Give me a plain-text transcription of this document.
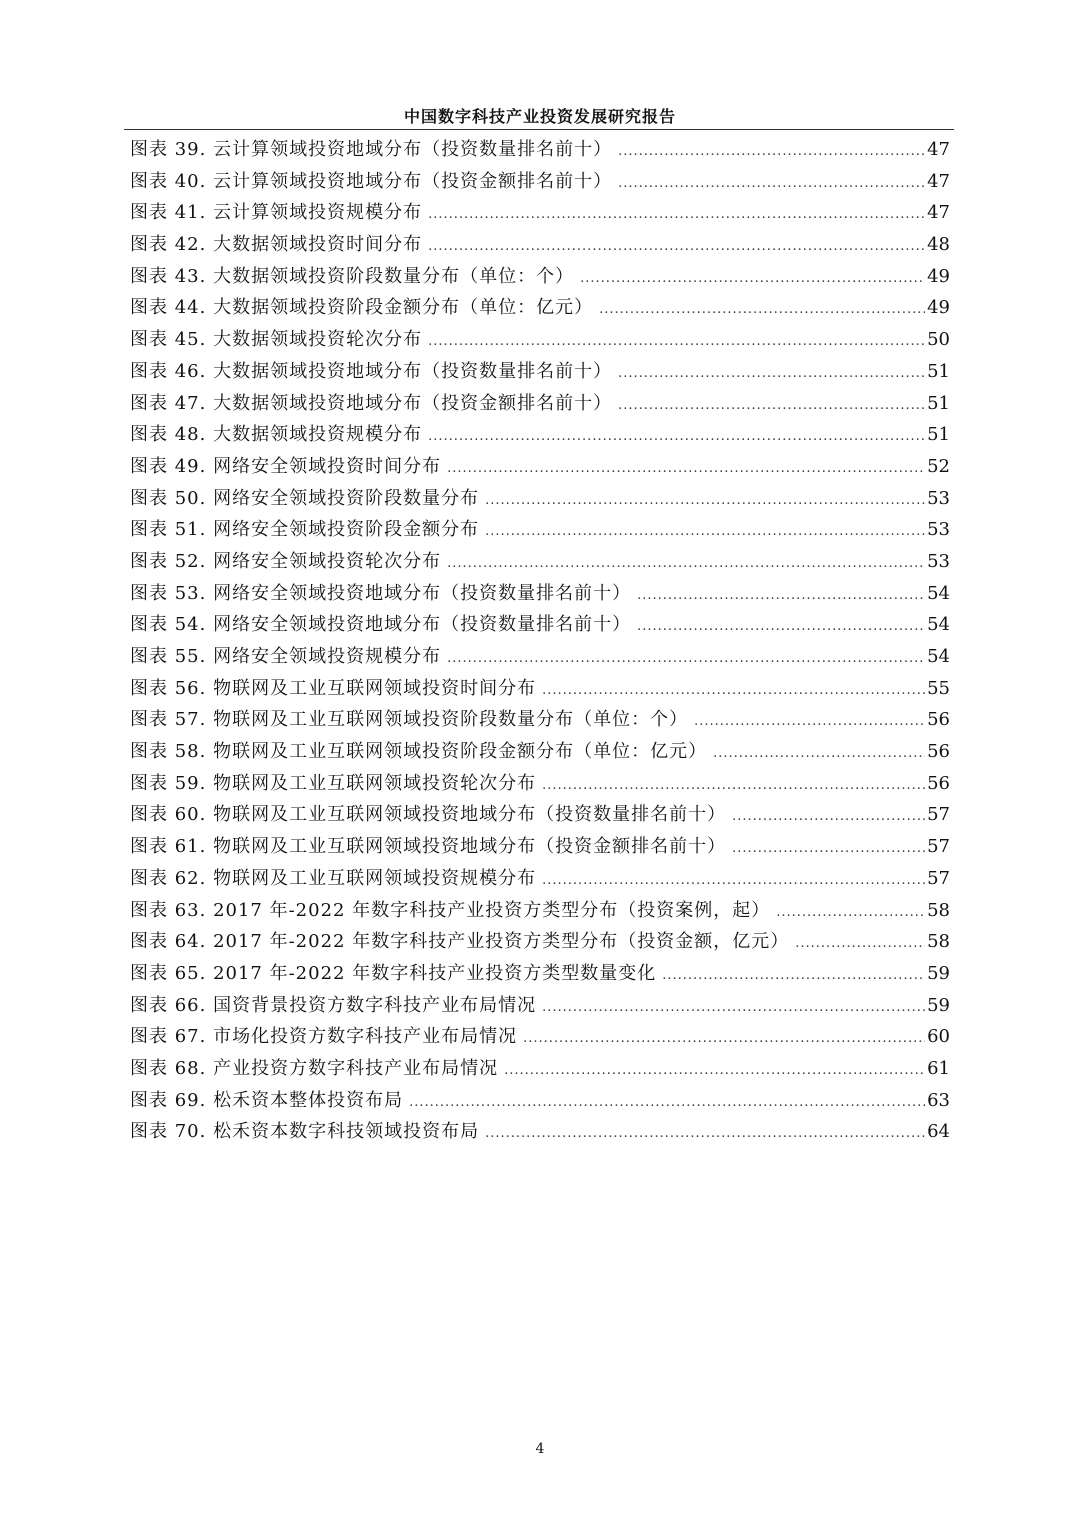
中国数字科技产业投资发展研究报告
图表 39. 云计算领域投资地域分布（投资数量排名前十） .....	47
图表 40. 云计算领域投资地域分布（投资金额排名前十） .....	47
图表 41. 云计算领域投资规模分布 .....	47
图表 42. 大数据领域投资时间分布 .....	48
图表 43. 大数据领域投资阶段数量分布（单位：个） .....	49
图表 44. 大数据领域投资阶段金额分布（单位：亿元） .....	49
图表 45. 大数据领域投资轮次分布 .....	50
图表 46. 大数据领域投资地域分布（投资数量排名前十） .....	51
图表 47. 大数据领域投资地域分布（投资金额排名前十） .....	51
图表 48. 大数据领域投资规模分布 .....	51
图表 49. 网络安全领域投资时间分布 .....	52
图表 50. 网络安全领域投资阶段数量分布 .....	53
图表 51. 网络安全领域投资阶段金额分布 .....	53
图表 52. 网络安全领域投资轮次分布 .....	53
图表 53. 网络安全领域投资地域分布（投资数量排名前十） .....	54
图表 54. 网络安全领域投资地域分布（投资数量排名前十） .....	54
图表 55. 网络安全领域投资规模分布 .....	54
图表 56. 物联网及工业互联网领域投资时间分布 .....	55
图表 57. 物联网及工业互联网领域投资阶段数量分布（单位：个） .....	56
图表 58. 物联网及工业互联网领域投资阶段金额分布（单位：亿元） .....	56
图表 59. 物联网及工业互联网领域投资轮次分布 .....	56
图表 60. 物联网及工业互联网领域投资地域分布（投资数量排名前十） .....	57
图表 61. 物联网及工业互联网领域投资地域分布（投资金额排名前十） .....	57
图表 62. 物联网及工业互联网领域投资规模分布 .....	57
图表 63. 2017 年-2022 年数字科技产业投资方类型分布（投资案例，起） .....	58
图表 64. 2017 年-2022 年数字科技产业投资方类型分布（投资金额，亿元） .....	58
图表 65. 2017 年-2022 年数字科技产业投资方类型数量变化 .....	59
图表 66. 国资背景投资方数字科技产业布局情况 .....	59
图表 67. 市场化投资方数字科技产业布局情况 .....	60
图表 68. 产业投资方数字科技产业布局情况 .....	61
图表 69. 松禾资本整体投资布局 .....	63
图表 70. 松禾资本数字科技领域投资布局 .....	64
4
